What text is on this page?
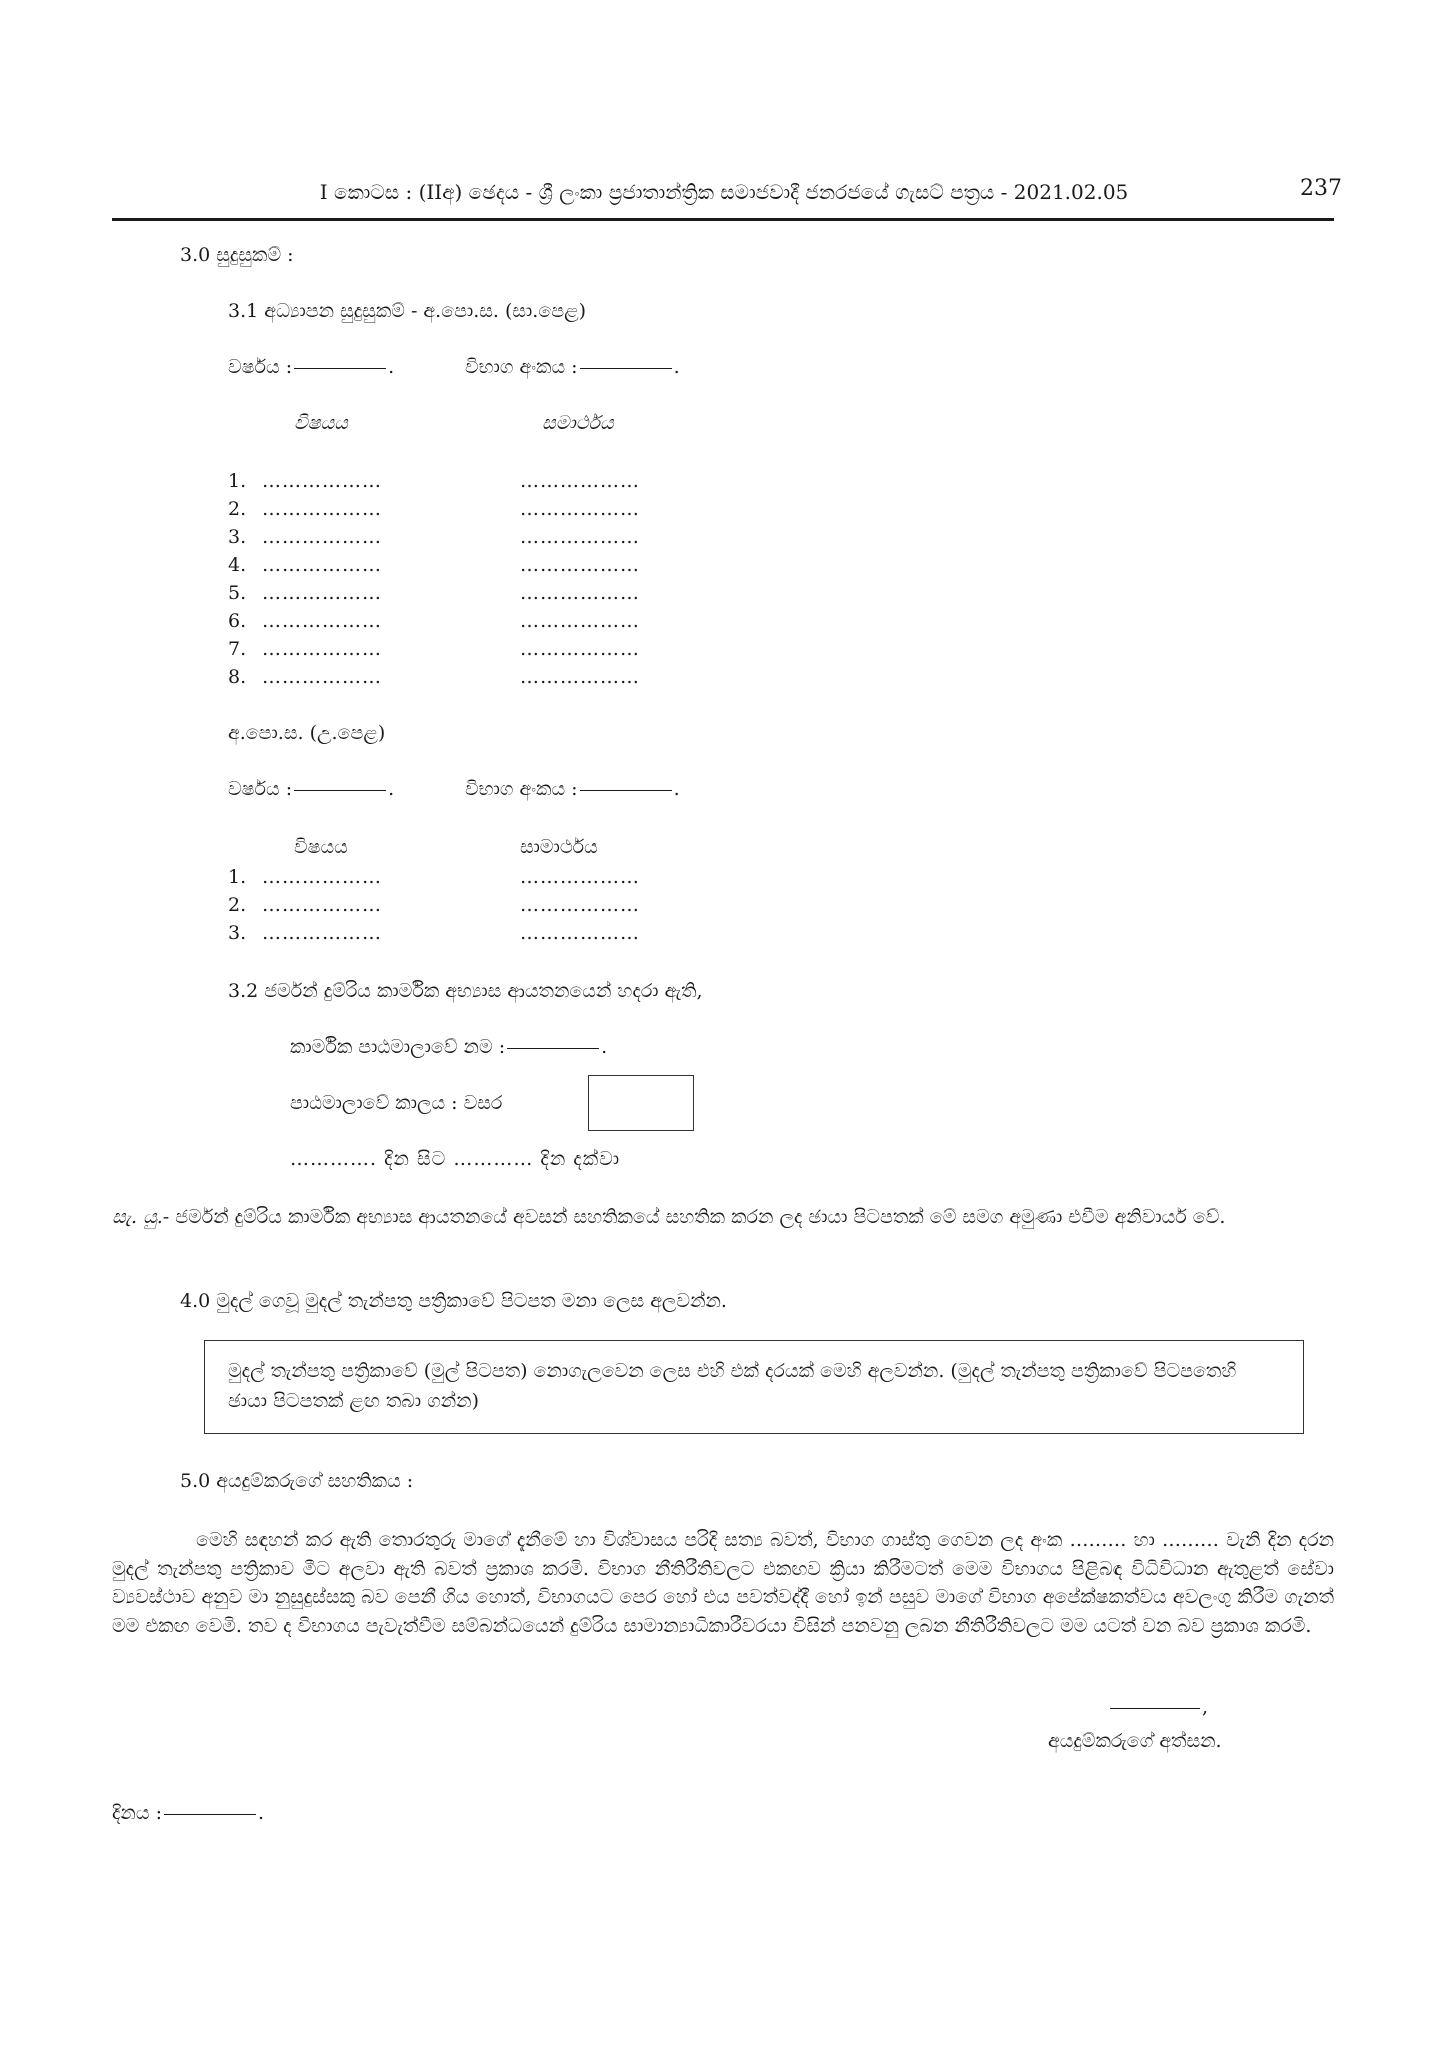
I කොටස : (IIඅ) ඡෙදය - ශ්‍රී ලංකා ප්‍රජාතාන්ත්‍රික සමාජවාදී ජනරජයේ ගැසට් පත්‍රය - 2021.02.05	237
3.0 සුදුසුකම් :
3.1 අධ්‍යාපන සුදුසුකම් - අ.පො.ස. (සා.පෙළ)
වර්ෂය :	.	විභාග අංකය :	.
විෂයය	සමාර්ථය
1. ………………	………………
2. ………………	………………
3. ………………	………………
4. ………………	………………
5. ………………	………………
6. ………………	………………
7. ………………	………………
8. ………………	………………
අ.පො.ස. (උ.පෙළ)
වර්ෂය :	.	විභාග අංකය :	.
විෂයය	සාමාර්ථය
1. ………………	………………
2. ………………	………………
3. ………………	………………
3.2 ජර්මන් දුම්රිය කාර්මික අභ්‍යාස ආයතනයෙන් හදරා ඇති,
කාර්මික පාඨමාලාවේ නම :	.
පාඨමාලාවේ කාලය : වසර
…………. දින සිට ………… දින දක්වා
සැ. යු.- ජර්මන් දුම්රිය කාර්මික අභ්‍යාස ආයතනයේ අවසන් සහතිකයේ සහතික කරන ලද ඡායා පිටපතක් මේ සමග අමුණා එවීම අනිවාර්ය වේ.
4.0 මුදල් ගෙවූ මුදල් තැන්පතු පත්‍රිකාවේ පිටපත මනා ලෙස අලවන්න.
මුදල් තැන්පතු පත්‍රිකාවේ (මුල් පිටපත) නොගැලවෙන ලෙස එහි එක් දරයක් මෙහි අලවන්න. (මුදල් තැන්පතු පත්‍රිකාවේ පිටපතෙහි ඡායා පිටපතක් ළඟ තබා ගන්න)
5.0 අයදුම්කරුගේ සහතිකය :
මෙහි සඳහන් කර ඇති තොරතුරු මාගේ දැනීමේ හා විශ්වාසය පරිදි සත්‍ය බවත්, විභාග ගාස්තු ගෙවන ලද අංක ……… හා ……… වැනි දින දරන මුදල් තැන්පතු පත්‍රිකාව මීට අලවා ඇති බවත් ප්‍රකාශ කරමි. විභාග නීතිරීතිවලට එකඟව ක්‍රියා කිරීමටත් මෙම විභාගය පිළිබඳ විධිවිධාන ඇතුළත් සේවා ව්‍යවස්ථාව අනුව මා නුසුදුස්සකු බව පෙනී ගිය හොත්, විභාගයට පෙර හෝ එය පවත්වද්දී හෝ ඉන් පසුව මාගේ විභාග අපේක්ෂකත්වය අවලංගු කිරීම ගැනත් මම එකඟ වෙමි. තව ද විභාගය පැවැත්වීම සම්බන්ධයෙන් දුම්රිය සාමාන්‍යාධිකාරීවරයා විසින් පනවනු ලබන නීතිරීතිවලට මම යටත් වන බව ප්‍රකාශ කරමි.
,
අයදුම්කරුගේ අත්සන.
දිනය :	.
